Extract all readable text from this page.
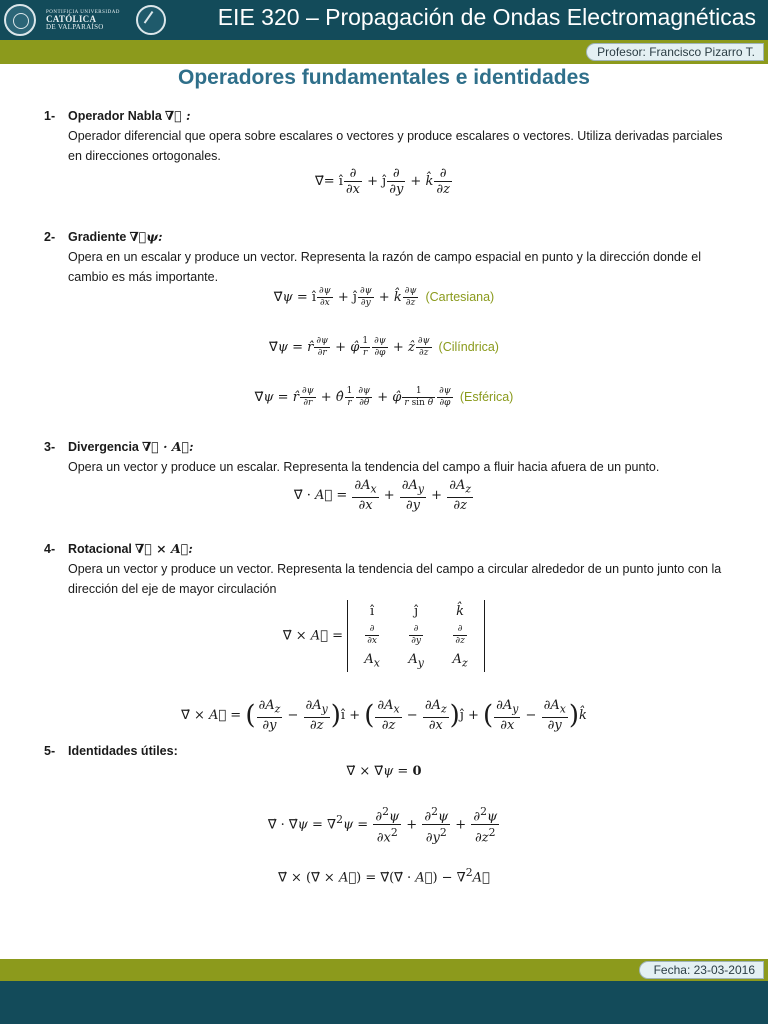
PONTIFICIA UNIVERSIDAD
CATÓLICA
DE VALPARAÍSO	EIE 320 – Propagación de Ondas Electromagnéticas
Profesor: Francisco Pizarro T.
Operadores fundamentales e identidades
1- Operador Nabla ∇⃗ :
Operador diferencial que opera sobre escalares o vectores y produce escalares o vectores. Utiliza derivadas parciales en direcciones ortogonales.
∇⃗= ı̂ $\frac{\partial}{\partial x}$ + ȷ̂ $\frac{\partial}{\partial y}$ + k̂ $\frac{\partial}{\partial z}$
2- Gradiente ∇⃗ψ:
Opera en un escalar y produce un vector. Representa la razón de campo espacial en punto y la dirección donde el cambio es más importante.
∇⃗ψ = ı̂ $\frac{\partial\psi}{\partial x}$ + ȷ̂ $\frac{\partial\psi}{\partial y}$ + k̂ $\frac{\partial\psi}{\partial z}$ (Cartesiana)
∇⃗ψ = r̂ $\frac{\partial\psi}{\partial r}$ + φ̂ $\frac{1}{r} \frac{\partial\psi}{\partial\varphi}$ + ẑ $\frac{\partial\psi}{\partial z}$ (Cilíndrica)
∇⃗ψ = r̂ $\frac{\partial\psi}{\partial r}$ + θ̂ $\frac{1}{r} \frac{\partial\psi}{\partial\theta}$ + φ̂ $\frac{1}{\text{r sin θ}} \frac{\partial\psi}{\partial\varphi}$ (Esférica)
3- Divergencia ∇⃗ · A⃗:
Opera un vector y produce un escalar. Representa la tendencia del campo a fluir hacia afuera de un punto.
∇⃗ · A⃗ = $\frac{\partial A_x}{\partial x} + \frac{\partial A_y}{\partial y} + \frac{\partial A_z}{\partial z}$
4- Rotacional ∇⃗ × A⃗:
Opera un vector y produce un vector. Representa la tendencia del campo a circular alrededor de un punto junto con la dirección del eje de mayor circulación
∇⃗ × A⃗ =
ı̂	ȷ̂	k̂
$\frac{\partial}{\partial x}$	$\frac{\partial}{\partial y}$	$\frac{\partial}{\partial z}$
$A_x$	$A_y$	$A_z$
∇⃗ × A⃗ = ( $\frac{\partial A_z}{\partial y} - \frac{\partial A_y}{\partial z}$ )ı̂ + ( $\frac{\partial A_x}{\partial z} - \frac{\partial A_z}{\partial x}$ )ȷ̂ + ( $\frac{\partial A_y}{\partial x} - \frac{\partial A_x}{\partial y}$ )k̂
5- Identidades útiles:
∇⃗ × ∇⃗ψ = 0
∇⃗ · ∇⃗ψ = $\nabla^2\psi = \frac{\partial^2\psi}{\partial x^2} + \frac{\partial^2\psi}{\partial y^2} + \frac{\partial^2\psi}{\partial z^2}$
∇⃗ × (∇⃗ × A⃗) = ∇⃗(∇⃗ · A⃗) − ∇$^2$A⃗
Fecha: 23-03-2016
